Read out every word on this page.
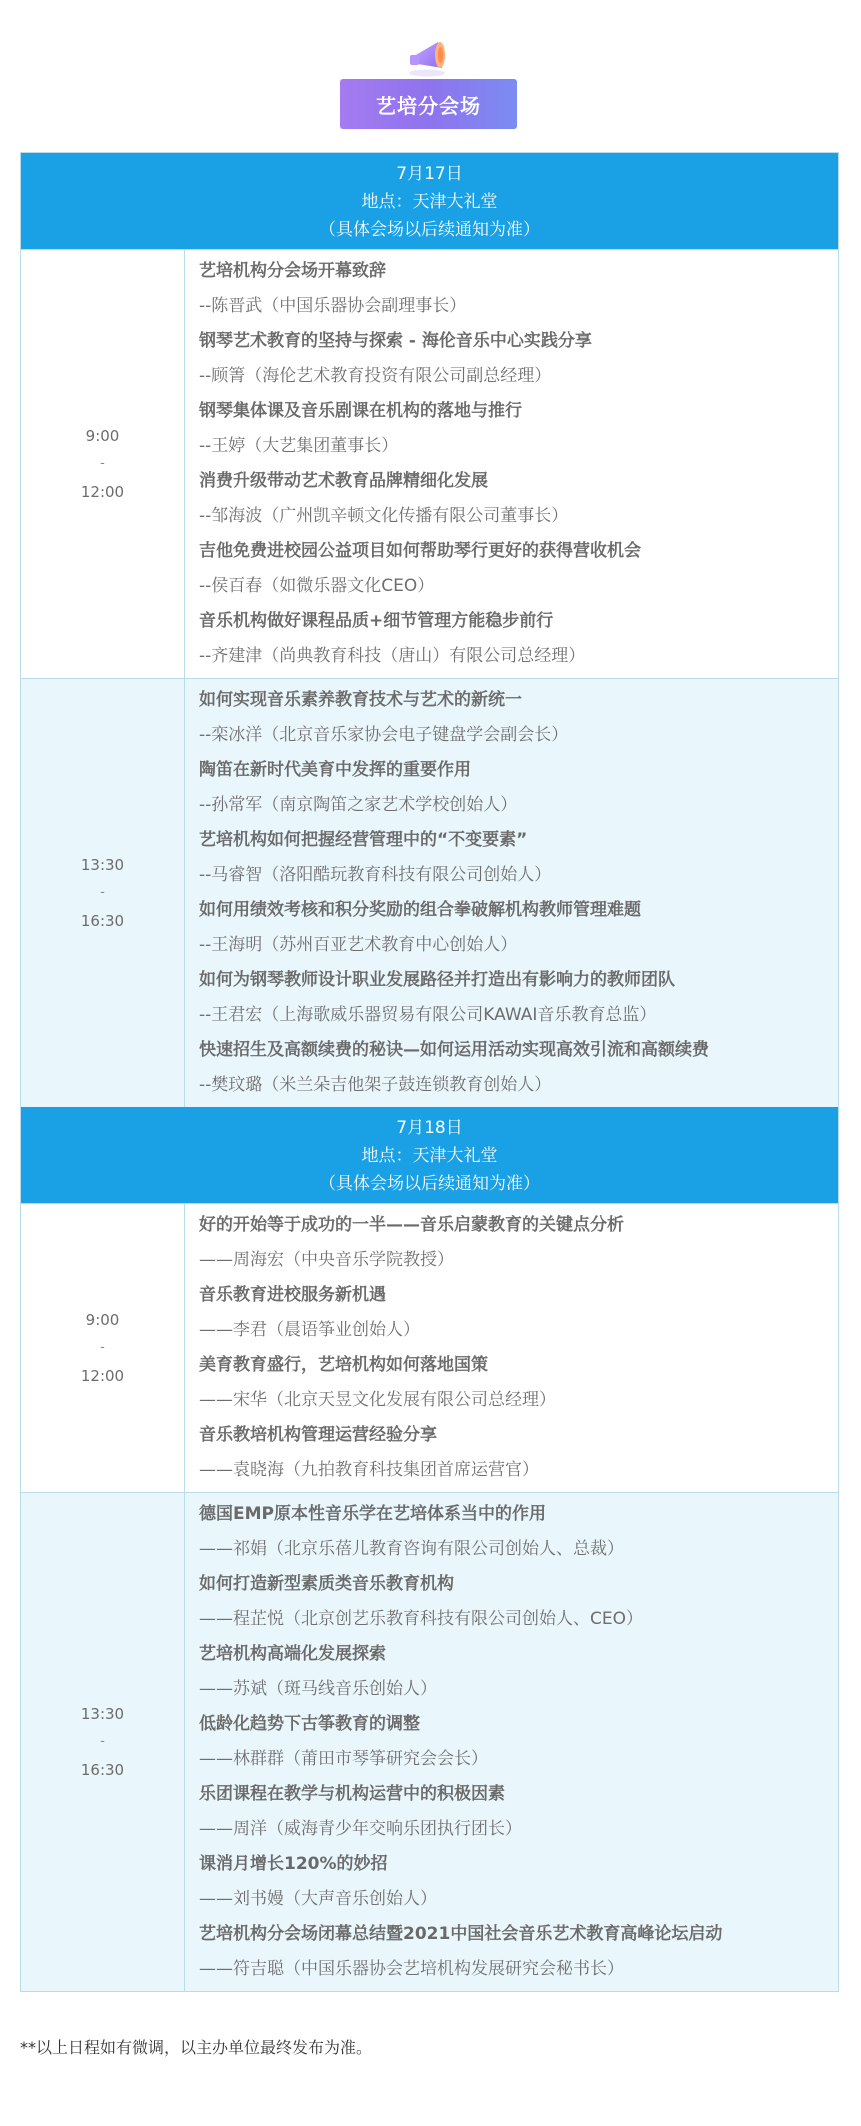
艺培分会场
7月17日
地点：天津大礼堂
（具体会场以后续通知为准）
9:00
-
12:00
艺培机构分会场开幕致辞
--陈晋武（中国乐器协会副理事长）
钢琴艺术教育的坚持与探索 - 海伦音乐中心实践分享
--顾箐（海伦艺术教育投资有限公司副总经理）
钢琴集体课及音乐剧课在机构的落地与推行
--王婷（大艺集团董事长）
消费升级带动艺术教育品牌精细化发展
--邹海波（广州凯辛顿文化传播有限公司董事长）
吉他免费进校园公益项目如何帮助琴行更好的获得营收机会
--侯百春（如微乐器文化CEO）
音乐机构做好课程品质+细节管理方能稳步前行
--齐建津（尚典教育科技（唐山）有限公司总经理）
13:30
-
16:30
如何实现音乐素养教育技术与艺术的新统一
--栾冰洋（北京音乐家协会电子键盘学会副会长）
陶笛在新时代美育中发挥的重要作用
--孙常军（南京陶笛之家艺术学校创始人）
艺培机构如何把握经营管理中的“不变要素”
--马睿智（洛阳酷玩教育科技有限公司创始人）
如何用绩效考核和积分奖励的组合拳破解机构教师管理难题
--王海明（苏州百亚艺术教育中心创始人）
如何为钢琴教师设计职业发展路径并打造出有影响力的教师团队
--王君宏（上海歌威乐器贸易有限公司KAWAI音乐教育总监）
快速招生及高额续费的秘诀—如何运用活动实现高效引流和高额续费
--樊玟璐（米兰朵吉他架子鼓连锁教育创始人）
7月18日
地点：天津大礼堂
（具体会场以后续通知为准）
9:00
-
12:00
好的开始等于成功的一半——音乐启蒙教育的关键点分析
——周海宏（中央音乐学院教授）
音乐教育进校服务新机遇
——李君（晨语筝业创始人）
美育教育盛行，艺培机构如何落地国策
——宋华（北京天昱文化发展有限公司总经理）
音乐教培机构管理运营经验分享
——袁晓海（九拍教育科技集团首席运营官）
13:30
-
16:30
德国EMP原本性音乐学在艺培体系当中的作用
——祁娟（北京乐蓓儿教育咨询有限公司创始人、总裁）
如何打造新型素质类音乐教育机构
——程芷悦（北京创艺乐教育科技有限公司创始人、CEO）
艺培机构高端化发展探索
——苏斌（斑马线音乐创始人）
低龄化趋势下古筝教育的调整
——林群群（莆田市琴筝研究会会长）
乐团课程在教学与机构运营中的积极因素
——周洋（威海青少年交响乐团执行团长）
课消月增长120%的妙招
——刘书嫚（大声音乐创始人）
艺培机构分会场闭幕总结暨2021中国社会音乐艺术教育高峰论坛启动
——符吉聪（中国乐器协会艺培机构发展研究会秘书长）
**以上日程如有微调，以主办单位最终发布为准。
